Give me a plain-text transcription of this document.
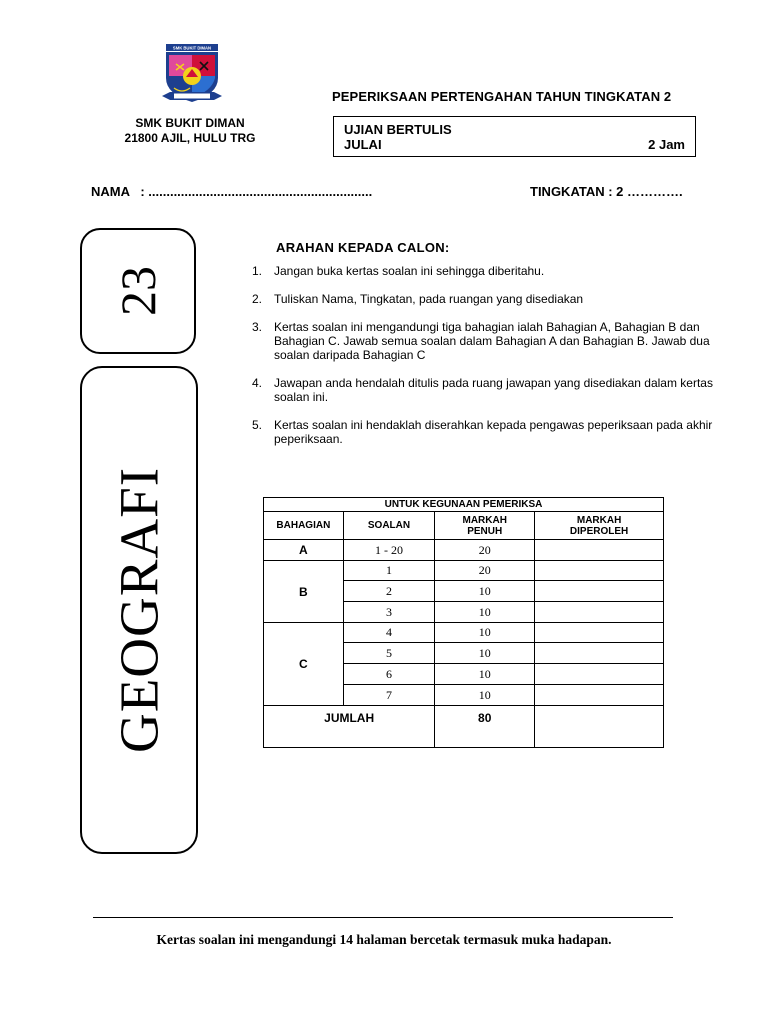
SMK BUKIT DIMAN
SMK BUKIT DIMAN
21800 AJIL, HULU TRG
PEPERIKSAAN PERTENGAHAN TAHUN TINGKATAN 2
UJIAN BERTULIS
JULAI	2 Jam
NAMA   : ..............................................................	TINGKATAN : 2 ………….
23
GEOGRAFI
ARAHAN KEPADA CALON:
1. Jangan buka kertas soalan ini sehingga diberitahu.
2. Tuliskan Nama, Tingkatan, pada ruangan yang disediakan
3. Kertas soalan ini mengandungi tiga bahagian ialah Bahagian A, Bahagian B dan Bahagian C. Jawab semua soalan dalam Bahagian A dan Bahagian B. Jawab dua soalan daripada Bahagian C
4. Jawapan anda hendalah ditulis pada ruang jawapan yang disediakan dalam kertas soalan ini.
5. Kertas soalan ini hendaklah diserahkan kepada pengawas peperiksaan pada akhir peperiksaan.
UNTUK KEGUNAAN PEMERIKSA			
BAHAGIAN	SOALAN	MARKAH PENUH	MARKAH DIPEROLEH
A	1 - 20	20	
B	1	20	
	2	10	
	3	10	
C	4	10	
	5	10	
	6	10	
	7	10	
JUMLAH		80	
Kertas soalan ini mengandungi 14 halaman bercetak termasuk muka hadapan.
